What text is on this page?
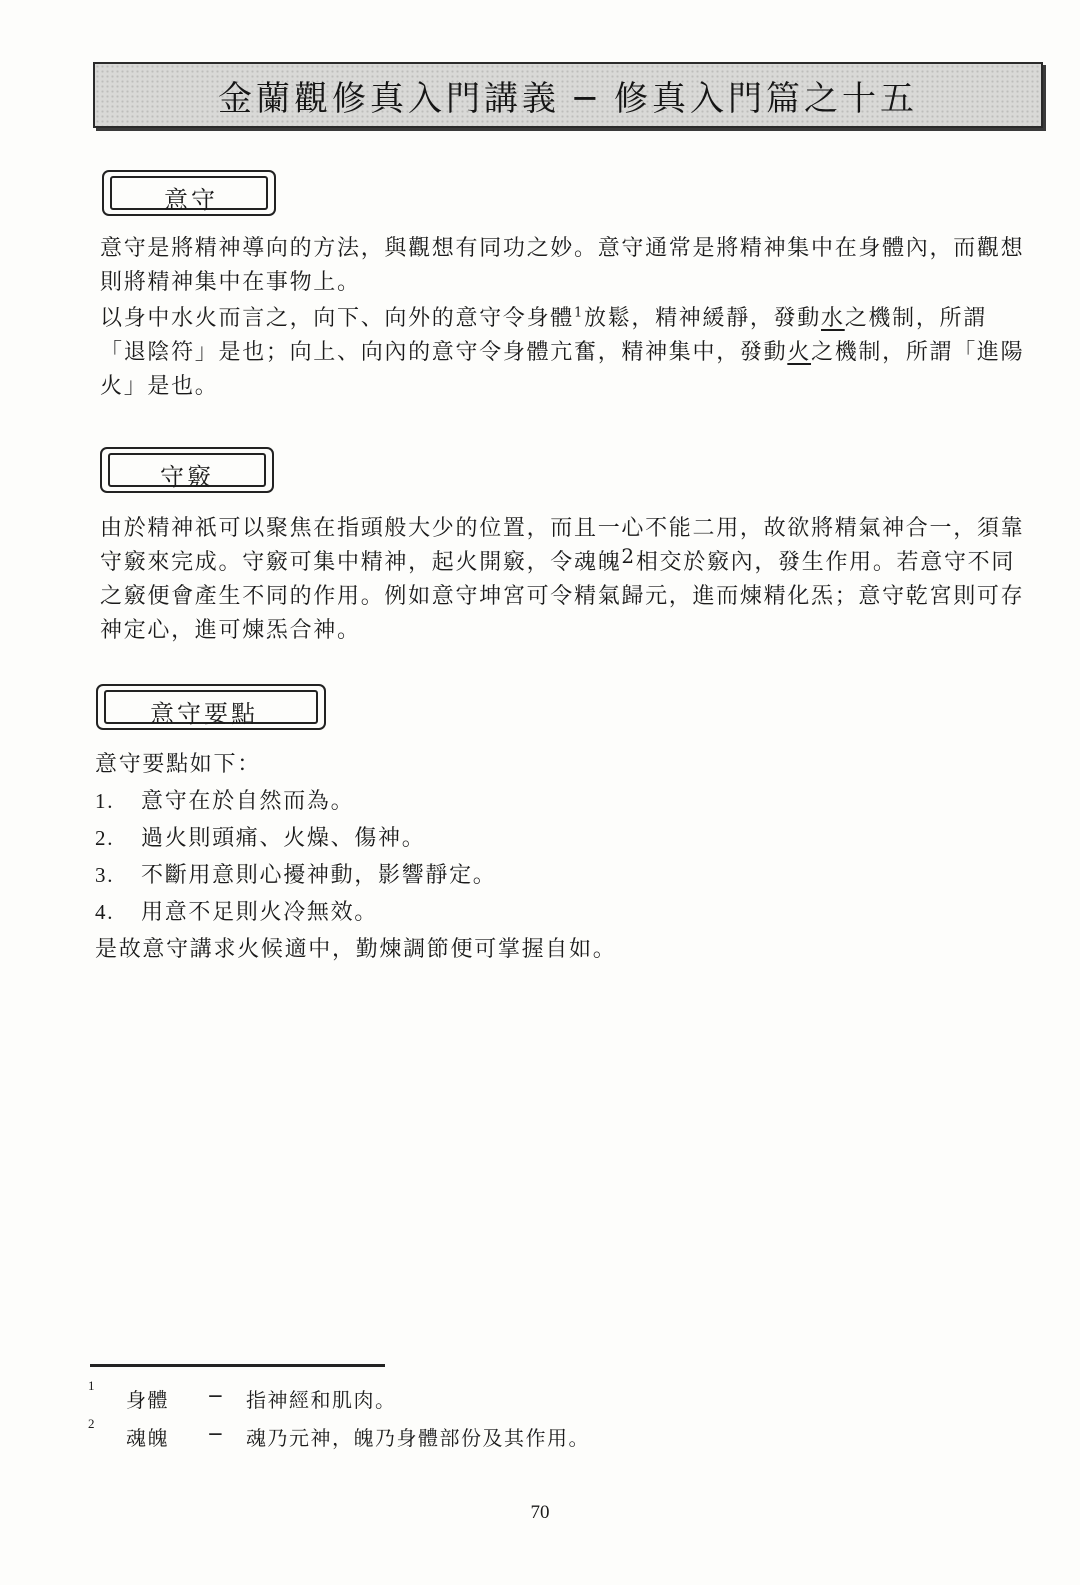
金蘭觀修真入門講義 ─ 修真入門篇之十五
意守

意守是將精神導向的方法，與觀想有同功之妙。意守通常是將精神集中在身體內，而觀想則將精神集中在事物上。

以身中水火而言之，向下、向外的意守令身體$^1$放鬆，精神緩靜，發動水之機制，所謂「退陰符」是也；向上、向內的意守令身體亢奮，精神集中，發動火之機制，所謂「進陽火」是也。

守竅

由於精神祇可以聚焦在指頭般大少的位置，而且一心不能二用，故欲將精氣神合一，須靠守竅來完成。守竅可集中精神，起火開竅，令魂魄2相交於竅內，發生作用。若意守不同之竅便會產生不同的作用。例如意守坤宮可令精氣歸元，進而煉精化炁；意守乾宮則可存神定心，進可煉炁合神。

意守要點
意守要點如下：
1.	意守在於自然而為。
2.	過火則頭痛、火燥、傷神。
3.	不斷用意則心擾神動，影響靜定。
4.	用意不足則火冷無效。
是故意守講求火候適中，勤煉調節便可掌握自如。
1
身體	─	指神經和肌肉。
2
魂魄	─	魂乃元神，魄乃身體部份及其作用。
70
